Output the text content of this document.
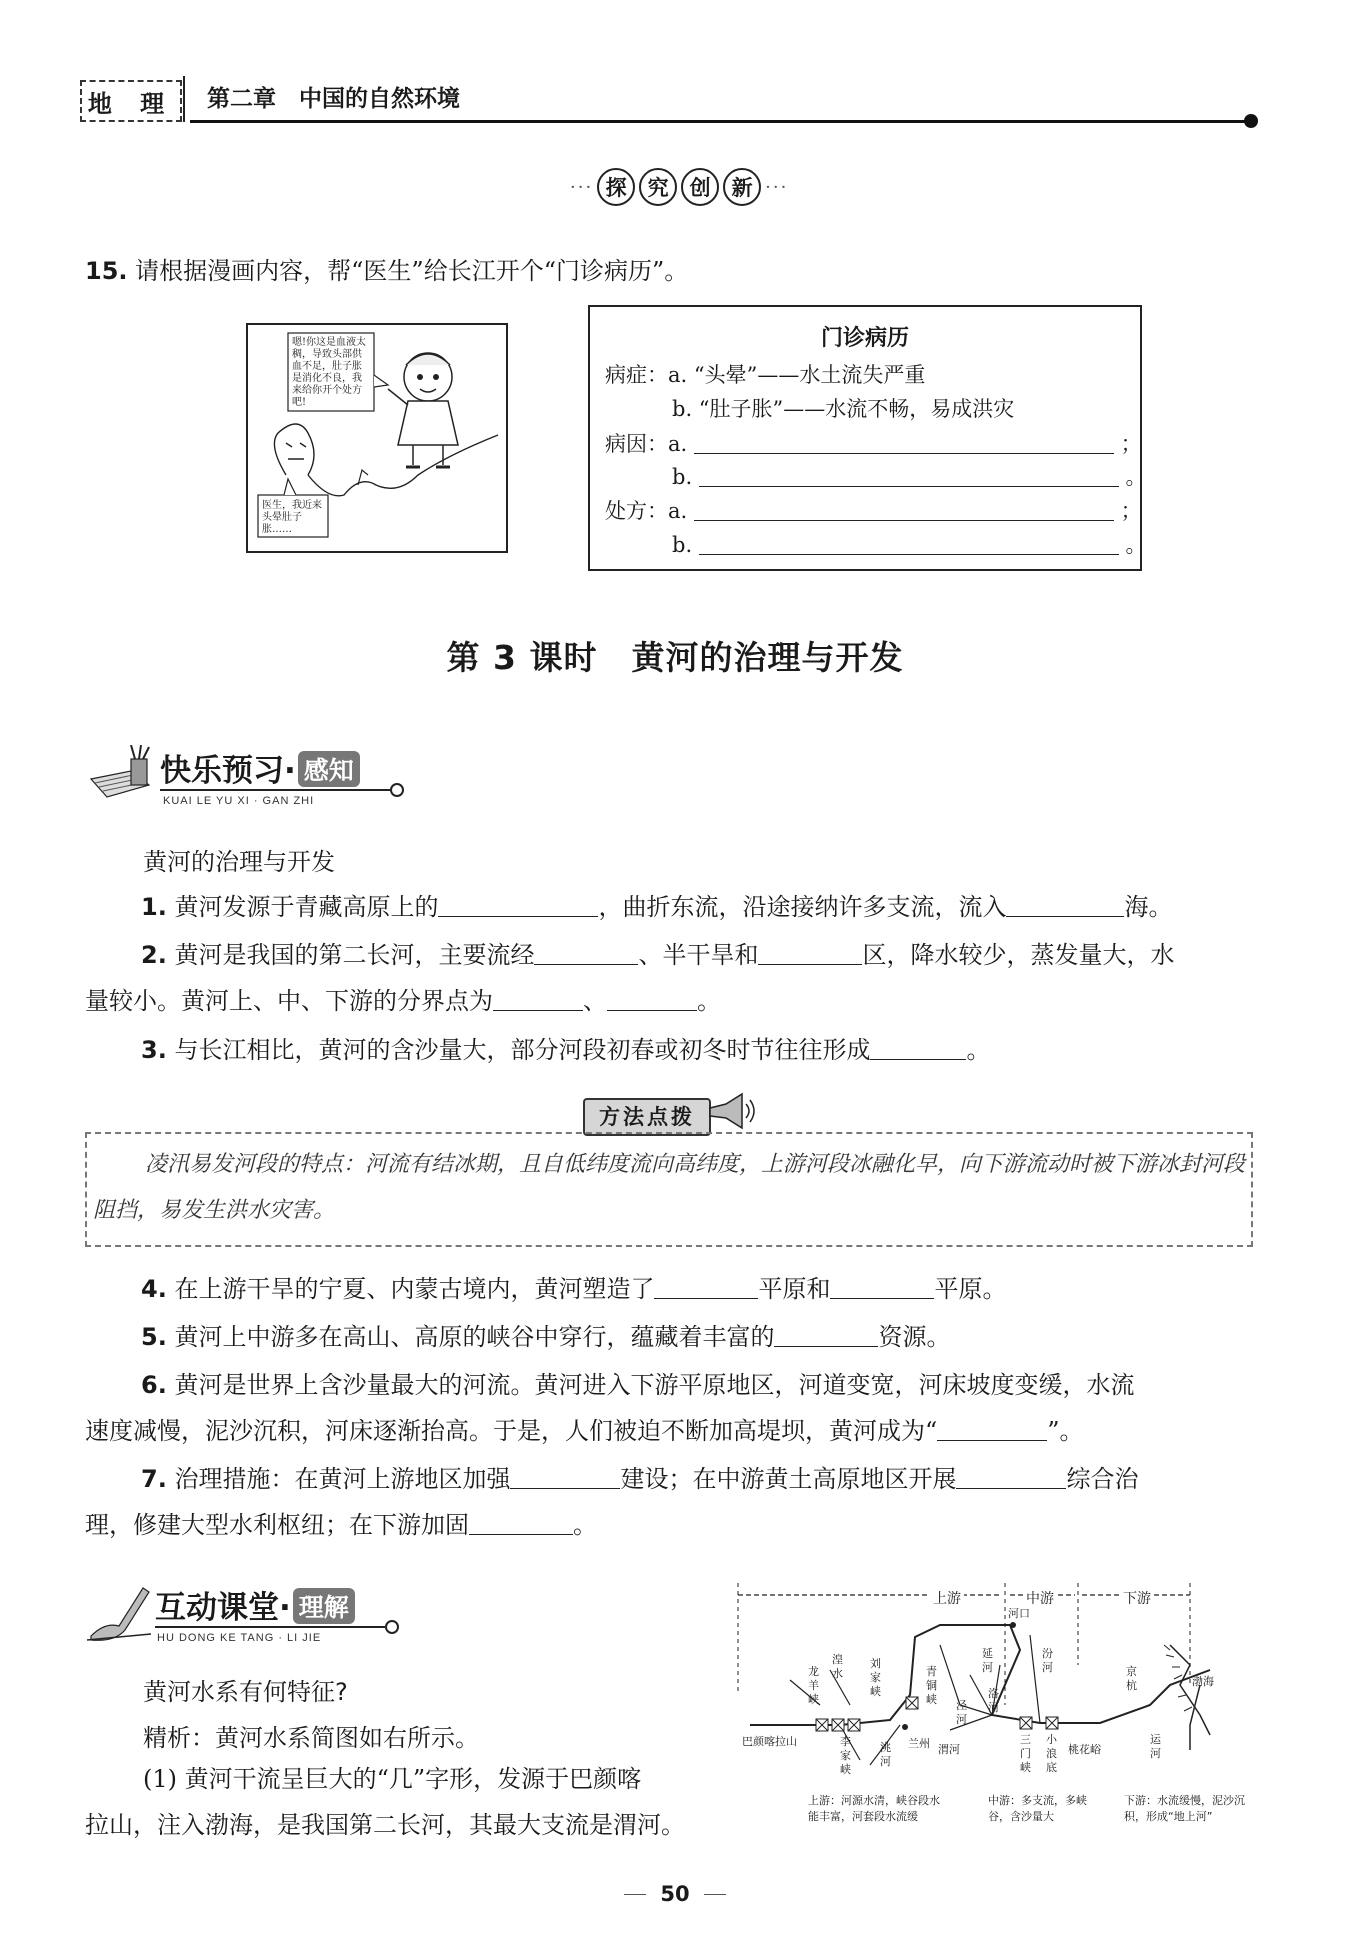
地 理	第二章　中国的自然环境
··· 探	究	创	新 ···
15. 请根据漫画内容，帮“医生”给长江开个“门诊病历”。
嗯!你这是血液太稠，导致头部供血不足，肚子胀是消化不良，我来给你开个处方吧!
医生，我近来头晕肚子胀……
门诊病历
病症：a. “头晕”——水土流失严重
b. “肚子胀”——水流不畅，易成洪灾
病因：a.	；
b.	。
处方：a.	；
b.	。
第 3 课时　黄河的治理与开发
快乐预习· 感知
KUAI LE YU XI · GAN ZHI
黄河的治理与开发
1. 黄河发源于青藏高原上的	，曲折东流，沿途接纳许多支流，流入	海。
2. 黄河是我国的第二长河，主要流经	、半干旱和	区，降水较少，蒸发量大，水
量较小。黄河上、中、下游的分界点为	、	。
3. 与长江相比，黄河的含沙量大，部分河段初春或初冬时节往往形成	。
方法点拨
凌汛易发河段的特点：河流有结冰期，且自低纬度流向高纬度，上游河段冰融化早，向下游流动时被下游冰封河段阻挡，易发生洪水灾害。
4. 在上游干旱的宁夏、内蒙古境内，黄河塑造了	平原和	平原。
5. 黄河上中游多在高山、高原的峡谷中穿行，蕴藏着丰富的	资源。
6. 黄河是世界上含沙量最大的河流。黄河进入下游平原地区，河道变宽，河床坡度变缓，水流
速度减慢，泥沙沉积，河床逐渐抬高。于是，人们被迫不断加高堤坝，黄河成为“	”。
7. 治理措施：在黄河上游地区加强	建设；在中游黄土高原地区开展	综合治
理，修建大型水利枢纽；在下游加固	。
互动课堂· 理解
HU DONG KE TANG · LI JIE
黄河水系有何特征?
精析：黄河水系简图如右所示。
(1) 黄河干流呈巨大的“几”字形，发源于巴颜喀
拉山，注入渤海，是我国第二长河，其最大支流是渭河。
上游	中游	下游
龙羊峡
湟水
刘家峡
李家峡
青铜峡
洮河
兰州
巴颜喀拉山
河口
延河
汾河
洛河
泾河
渭河
三门峡
小浪底
桃花峪
京杭
运河
渤海
上游：河源水清，峡谷段水能丰富，河套段水流缓
中游：多支流，多峡谷，含沙量大
下游：水流缓慢，泥沙沉积，形成“地上河”
50
